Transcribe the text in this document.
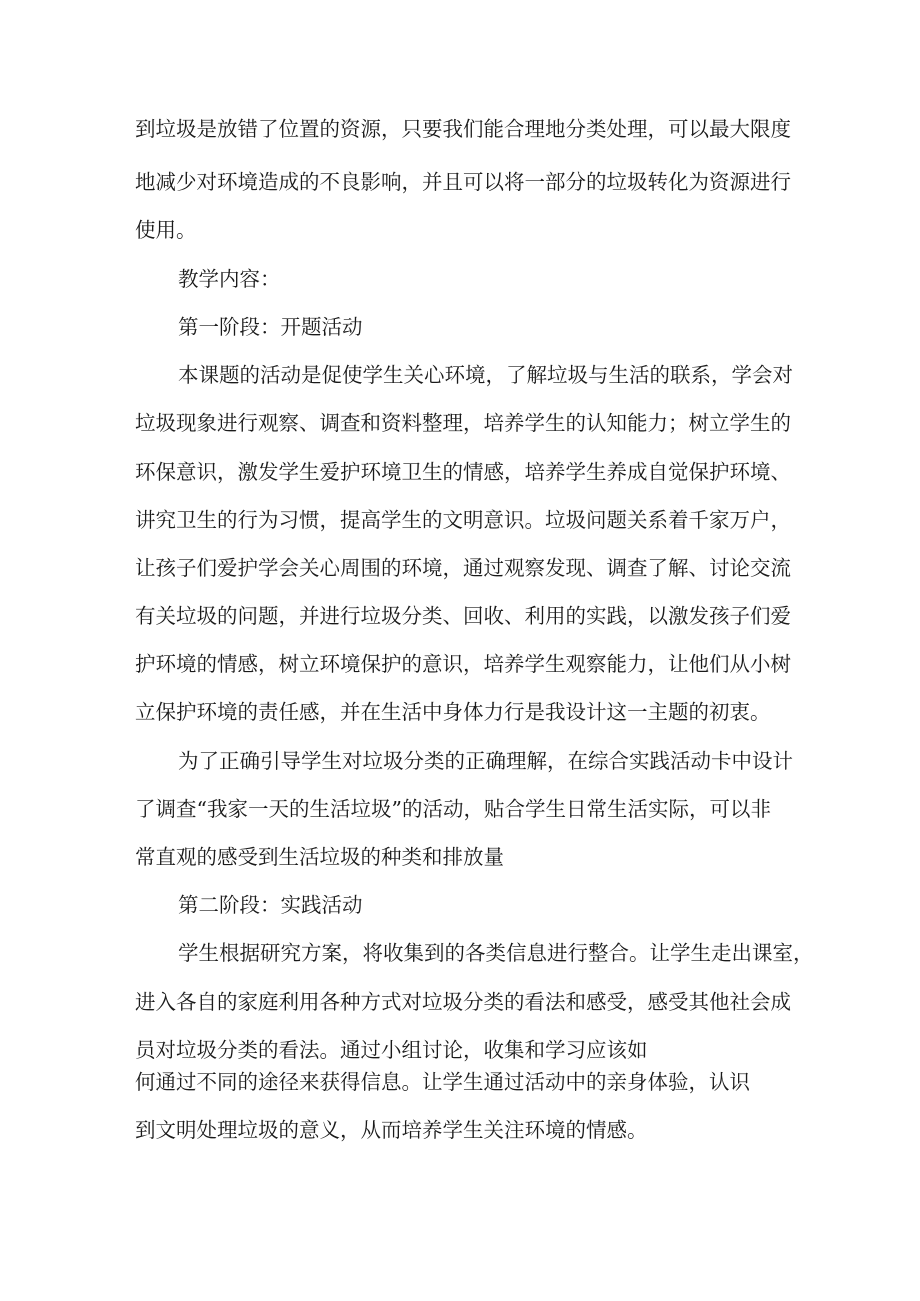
到垃圾是放错了位置的资源，只要我们能合理地分类处理，可以最大限度
地减少对环境造成的不良影响，并且可以将一部分的垃圾转化为资源进行
使用。
教学内容：
第一阶段：开题活动
本课题的活动是促使学生关心环境，了解垃圾与生活的联系，学会对
垃圾现象进行观察、调查和资料整理，培养学生的认知能力；树立学生的
环保意识，激发学生爱护环境卫生的情感，培养学生养成自觉保护环境、
讲究卫生的行为习惯，提高学生的文明意识。垃圾问题关系着千家万户，
让孩子们爱护学会关心周围的环境，通过观察发现、调查了解、讨论交流
有关垃圾的问题，并进行垃圾分类、回收、利用的实践，以激发孩子们爱
护环境的情感，树立环境保护的意识，培养学生观察能力，让他们从小树
立保护环境的责任感，并在生活中身体力行是我设计这一主题的初衷。
为了正确引导学生对垃圾分类的正确理解，在综合实践活动卡中设计
了调查“我家一天的生活垃圾”的活动，贴合学生日常生活实际，可以非
常直观的感受到生活垃圾的种类和排放量
第二阶段：实践活动
学生根据研究方案，将收集到的各类信息进行整合。让学生走出课室，
进入各自的家庭利用各种方式对垃圾分类的看法和感受，感受其他社会成
员对垃圾分类的看法。通过小组讨论，收集和学习应该如
何通过不同的途径来获得信息。让学生通过活动中的亲身体验，认识
到文明处理垃圾的意义，从而培养学生关注环境的情感。
